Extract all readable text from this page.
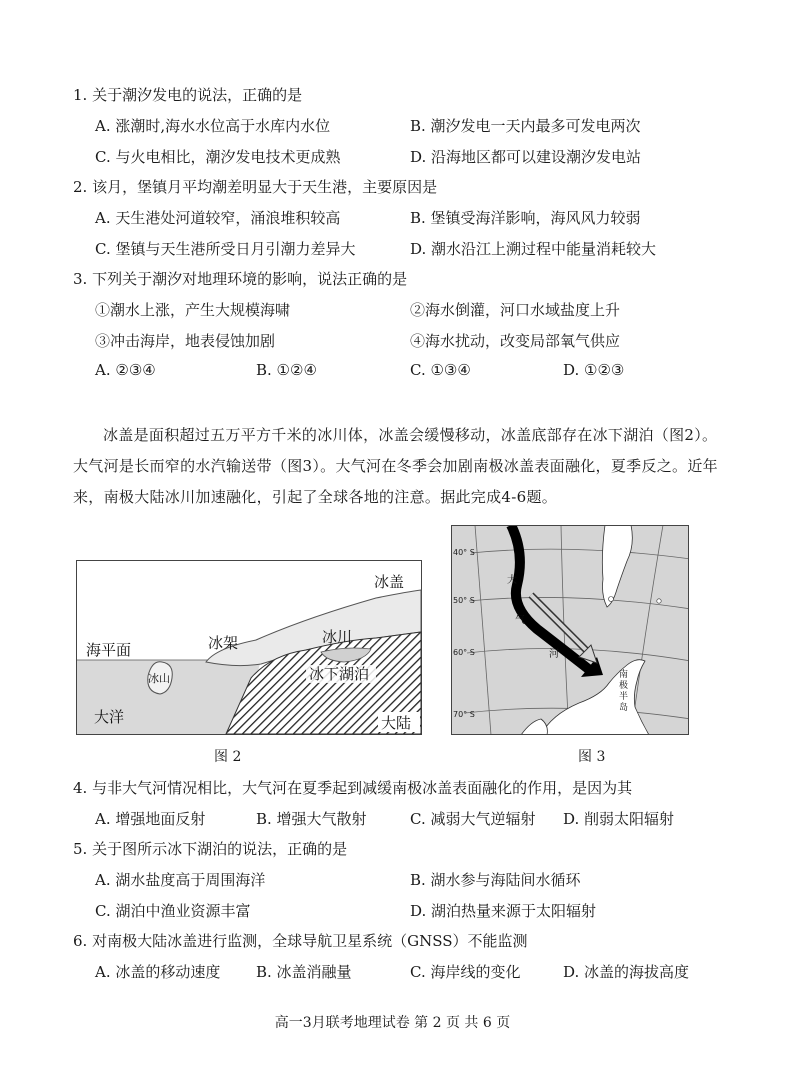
1. 关于潮汐发电的说法，正确的是
A. 涨潮时,海水水位高于水库内水位	B. 潮汐发电一天内最多可发电两次
C. 与火电相比，潮汐发电技术更成熟	D. 沿海地区都可以建设潮汐发电站
2. 该月，堡镇月平均潮差明显大于天生港，主要原因是
A. 天生港处河道较窄，涌浪堆积较高	B. 堡镇受海洋影响，海风风力较弱
C. 堡镇与天生港所受日月引潮力差异大	D. 潮水沿江上溯过程中能量消耗较大
3. 下列关于潮汐对地理环境的影响，说法正确的是
①潮水上涨，产生大规模海啸	②海水倒灌，河口水域盐度上升
③冲击海岸，地表侵蚀加剧	④海水扰动，改变局部氧气供应
A. ②③④	B. ①②④	C. ①③④	D. ①②③
冰盖是面积超过五万平方千米的冰川体，冰盖会缓慢移动，冰盖底部存在冰下湖泊（图2）。大气河是长而窄的水汽输送带（图3）。大气河在冬季会加剧南极冰盖表面融化，夏季反之。近年来，南极大陆冰川加速融化，引起了全球各地的注意。据此完成4-6题。
冰盖
冰架	冰川
海平面
冰山	冰下湖泊
大洋	大陆
图 2
40° S
50° S
60° S
70° S
大
气
河
南
极
半
岛
图 3
4. 与非大气河情况相比，大气河在夏季起到减缓南极冰盖表面融化的作用，是因为其
A. 增强地面反射	B. 增强大气散射	C. 减弱大气逆辐射 D. 削弱太阳辐射
5. 关于图所示冰下湖泊的说法，正确的是
A. 湖水盐度高于周围海洋	B. 湖水参与海陆间水循环
C. 湖泊中渔业资源丰富	D. 湖泊热量来源于太阳辐射
6. 对南极大陆冰盖进行监测，全球导航卫星系统（GNSS）不能监测
A. 冰盖的移动速度 B. 冰盖消融量	C. 海岸线的变化	D. 冰盖的海拔高度
高一3月联考地理试卷 第 2 页 共 6 页
